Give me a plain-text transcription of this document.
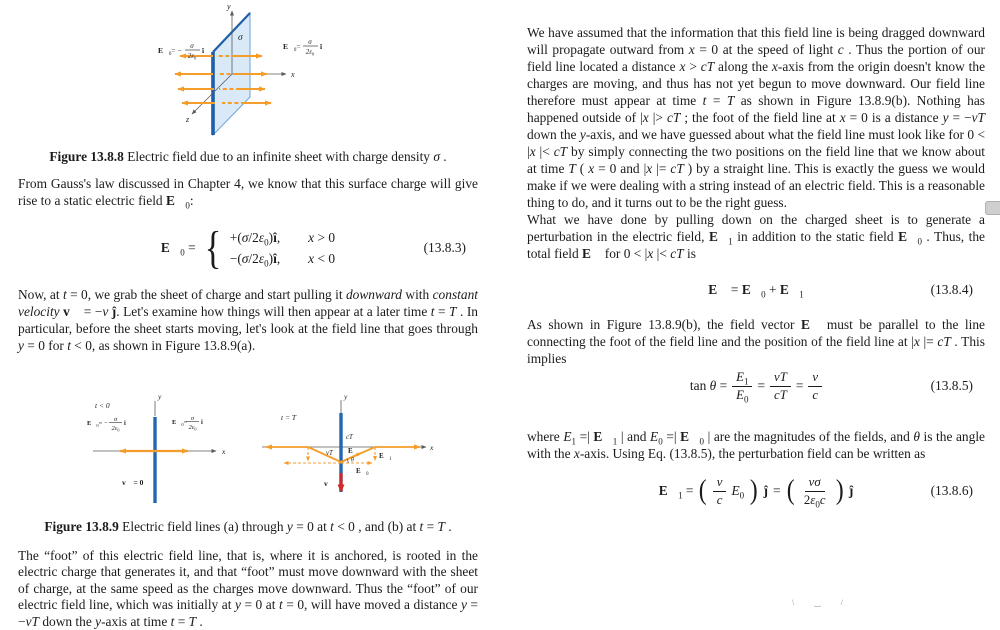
y
x
z
σ
$E⃗_0= - \sigma$
$2\varepsilon_0$
î	$E⃗_0= \sigma$
$2\varepsilon_0$
î
Figure 13.8.8 Electric field due to an infinite sheet with charge density σ .
From Gauss's law discussed in Chapter 4, we know that this surface charge will give rise to a static electric field $E⃗_0$:
$E⃗_0$ = { $+(\sigma/2\varepsilon_0)î$, x > 0
$-(\sigma/2\varepsilon_0)î$, x < 0
(13.8.3)
Now, at t = 0, we grab the sheet of charge and start pulling it downward with constant velocity v⃗ = −v ĵ. Let's examine how things will then appear at a later time t = T . In particular, before the sheet starts moving, let's look at the field line that goes through y = 0 for t < 0, as shown in Figure 13.8.9(a).
t < 0
y
x
$E⃗_0=$ −
σ
$2\varepsilon_0$
î	$E⃗_0=$
σ
$2\varepsilon_0$
î
v⃗ = 0⃗
t = T
y
x
cT
vT E⃗
θ
$E⃗_0$
$E⃗_1$
v⃗
Figure 13.8.9 Electric field lines (a) through y = 0 at t < 0 , and (b) at t = T .
The “foot” of this electric field line, that is, where it is anchored, is rooted in the electric charge that generates it, and that “foot” must move downward with the sheet of charge, at the same speed as the charges move downward. Thus the “foot” of our electric field line, which was initially at y = 0 at t = 0, will have moved a distance y = −vT down the y-axis at time t = T .
We have assumed that the information that this field line is being dragged downward will propagate outward from x = 0 at the speed of light c . Thus the portion of our field line located a distance x > cT along the x-axis from the origin doesn't know the charges are moving, and thus has not yet begun to move downward. Our field line therefore must appear at time t = T as shown in Figure 13.8.9(b). Nothing has happened outside of |x |> cT ; the foot of the field line at x = 0 is a distance y = −vT down the y-axis, and we have guessed about what the field line must look like for 0 < |x |< cT by simply connecting the two positions on the field line that we know about at time T ( x = 0 and |x |= cT ) by a straight line. This is exactly the guess we would make if we were dealing with a string instead of an electric field. This is a reasonable thing to do, and it turns out to be the right guess.
What we have done by pulling down on the charged sheet is to generate a perturbation in the electric field, $E⃗_1$ in addition to the static field $E⃗_0$ . Thus, the total field E⃗ for 0 < |x |< cT is
E⃗ = $E⃗_0$ + $E⃗_1$	(13.8.4)
As shown in Figure 13.8.9(b), the field vector E⃗ must be parallel to the line connecting the foot of the field line and the position of the field line at |x |= cT . This implies
$\tan \theta = \frac{E_1}{E_0} = \frac{vT}{cT} = \frac{v}{c}$	(13.8.5)
where $E_1$ =| $E⃗_1$ | and $E_0$ =| $E⃗_0$ | are the magnitudes of the fields, and θ is the angle with the x-axis. Using Eq. (13.8.5), the perturbation field can be written as
$E⃗_1$ = ( $\frac{v}{c} E_0$ ) ĵ = ( $\frac{v\sigma}{2\varepsilon_0c}$ ) ĵ	(13.8.6)
\ ‿ /
